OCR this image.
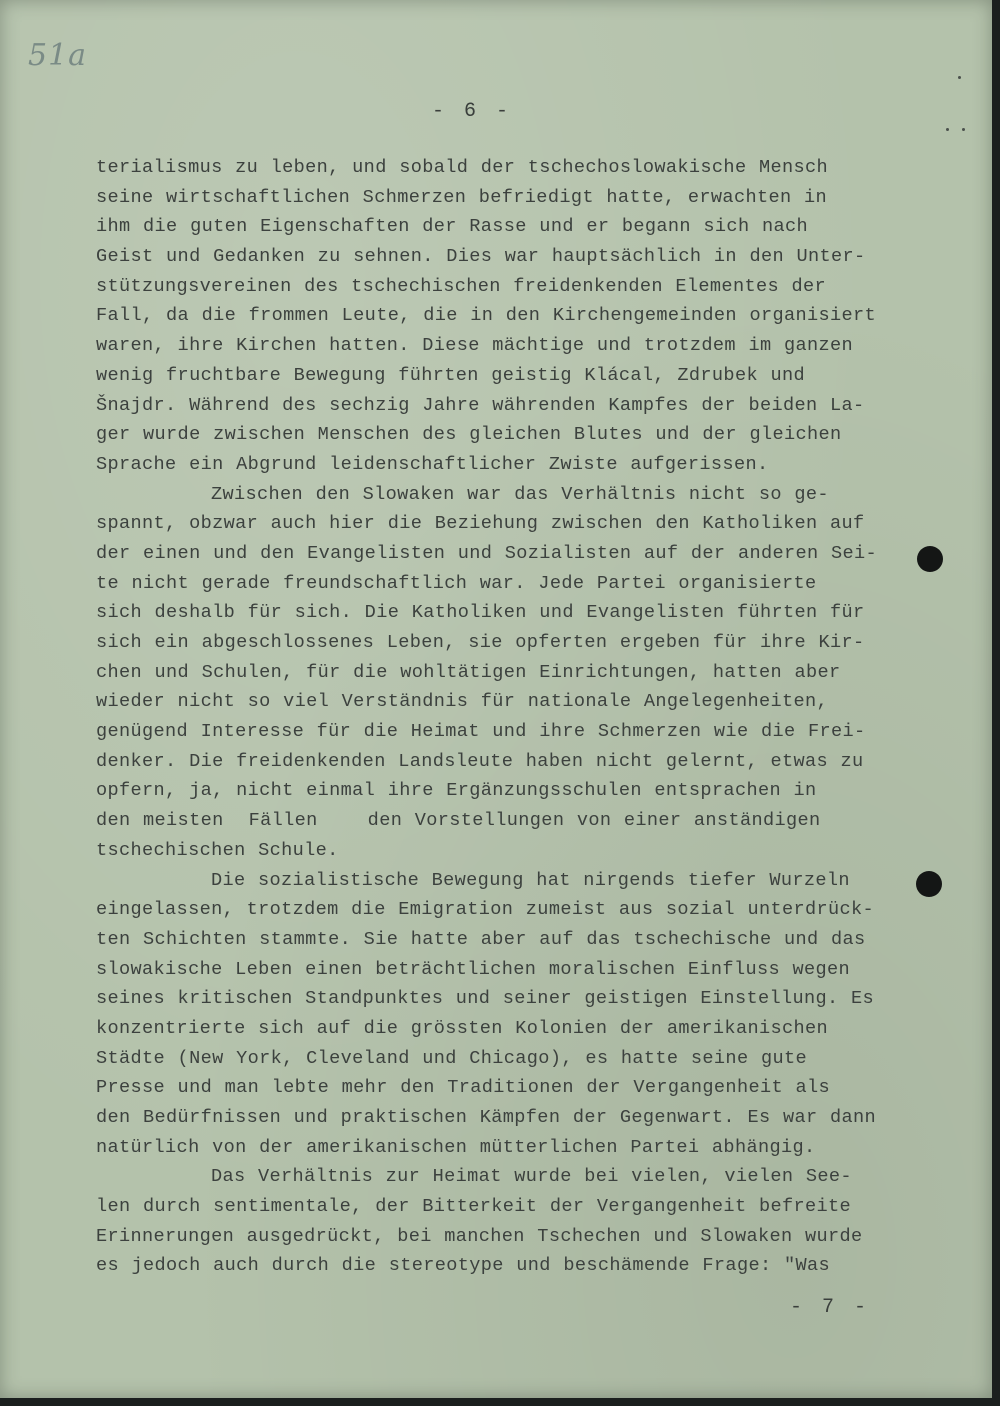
51a
- 6 -
terialismus zu leben, und sobald der tschechoslowakische Mensch
seine wirtschaftlichen Schmerzen befriedigt hatte, erwachten in
ihm die guten Eigenschaften der Rasse und er begann sich nach
Geist und Gedanken zu sehnen. Dies war hauptsächlich in den Unter-
stützungsvereinen des tschechischen freidenkenden Elementes der
Fall, da die frommen Leute, die in den Kirchengemeinden organisiert
waren, ihre Kirchen hatten. Diese mächtige und trotzdem im ganzen
wenig fruchtbare Bewegung führten geistig Klácal, Zdrubek und
Šnajdr. Während des sechzig Jahre währenden Kampfes der beiden La-
ger wurde zwischen Menschen des gleichen Blutes und der gleichen
Sprache ein Abgrund leidenschaftlicher Zwiste aufgerissen.
Zwischen den Slowaken war das Verhältnis nicht so ge-
spannt, obzwar auch hier die Beziehung zwischen den Katholiken auf
der einen und den Evangelisten und Sozialisten auf der anderen Sei-
te nicht gerade freundschaftlich war. Jede Partei organisierte
sich deshalb für sich. Die Katholiken und Evangelisten führten für
sich ein abgeschlossenes Leben, sie opferten ergeben für ihre Kir-
chen und Schulen, für die wohltätigen Einrichtungen, hatten aber
wieder nicht so viel Verständnis für nationale Angelegenheiten,
genügend Interesse für die Heimat und ihre Schmerzen wie die Frei-
denker. Die freidenkenden Landsleute haben nicht gelernt, etwas zu
opfern, ja, nicht einmal ihre Ergänzungsschulen entsprachen in
den meisten  Fällen    den Vorstellungen von einer anständigen
tschechischen Schule.
Die sozialistische Bewegung hat nirgends tiefer Wurzeln
eingelassen, trotzdem die Emigration zumeist aus sozial unterdrück-
ten Schichten stammte. Sie hatte aber auf das tschechische und das
slowakische Leben einen beträchtlichen moralischen Einfluss wegen
seines kritischen Standpunktes und seiner geistigen Einstellung. Es
konzentrierte sich auf die grössten Kolonien der amerikanischen
Städte (New York, Cleveland und Chicago), es hatte seine gute
Presse und man lebte mehr den Traditionen der Vergangenheit als
den Bedürfnissen und praktischen Kämpfen der Gegenwart. Es war dann
natürlich von der amerikanischen mütterlichen Partei abhängig.
Das Verhältnis zur Heimat wurde bei vielen, vielen See-
len durch sentimentale, der Bitterkeit der Vergangenheit befreite
Erinnerungen ausgedrückt, bei manchen Tschechen und Slowaken wurde
es jedoch auch durch die stereotype und beschämende Frage: "Was
- 7 -
